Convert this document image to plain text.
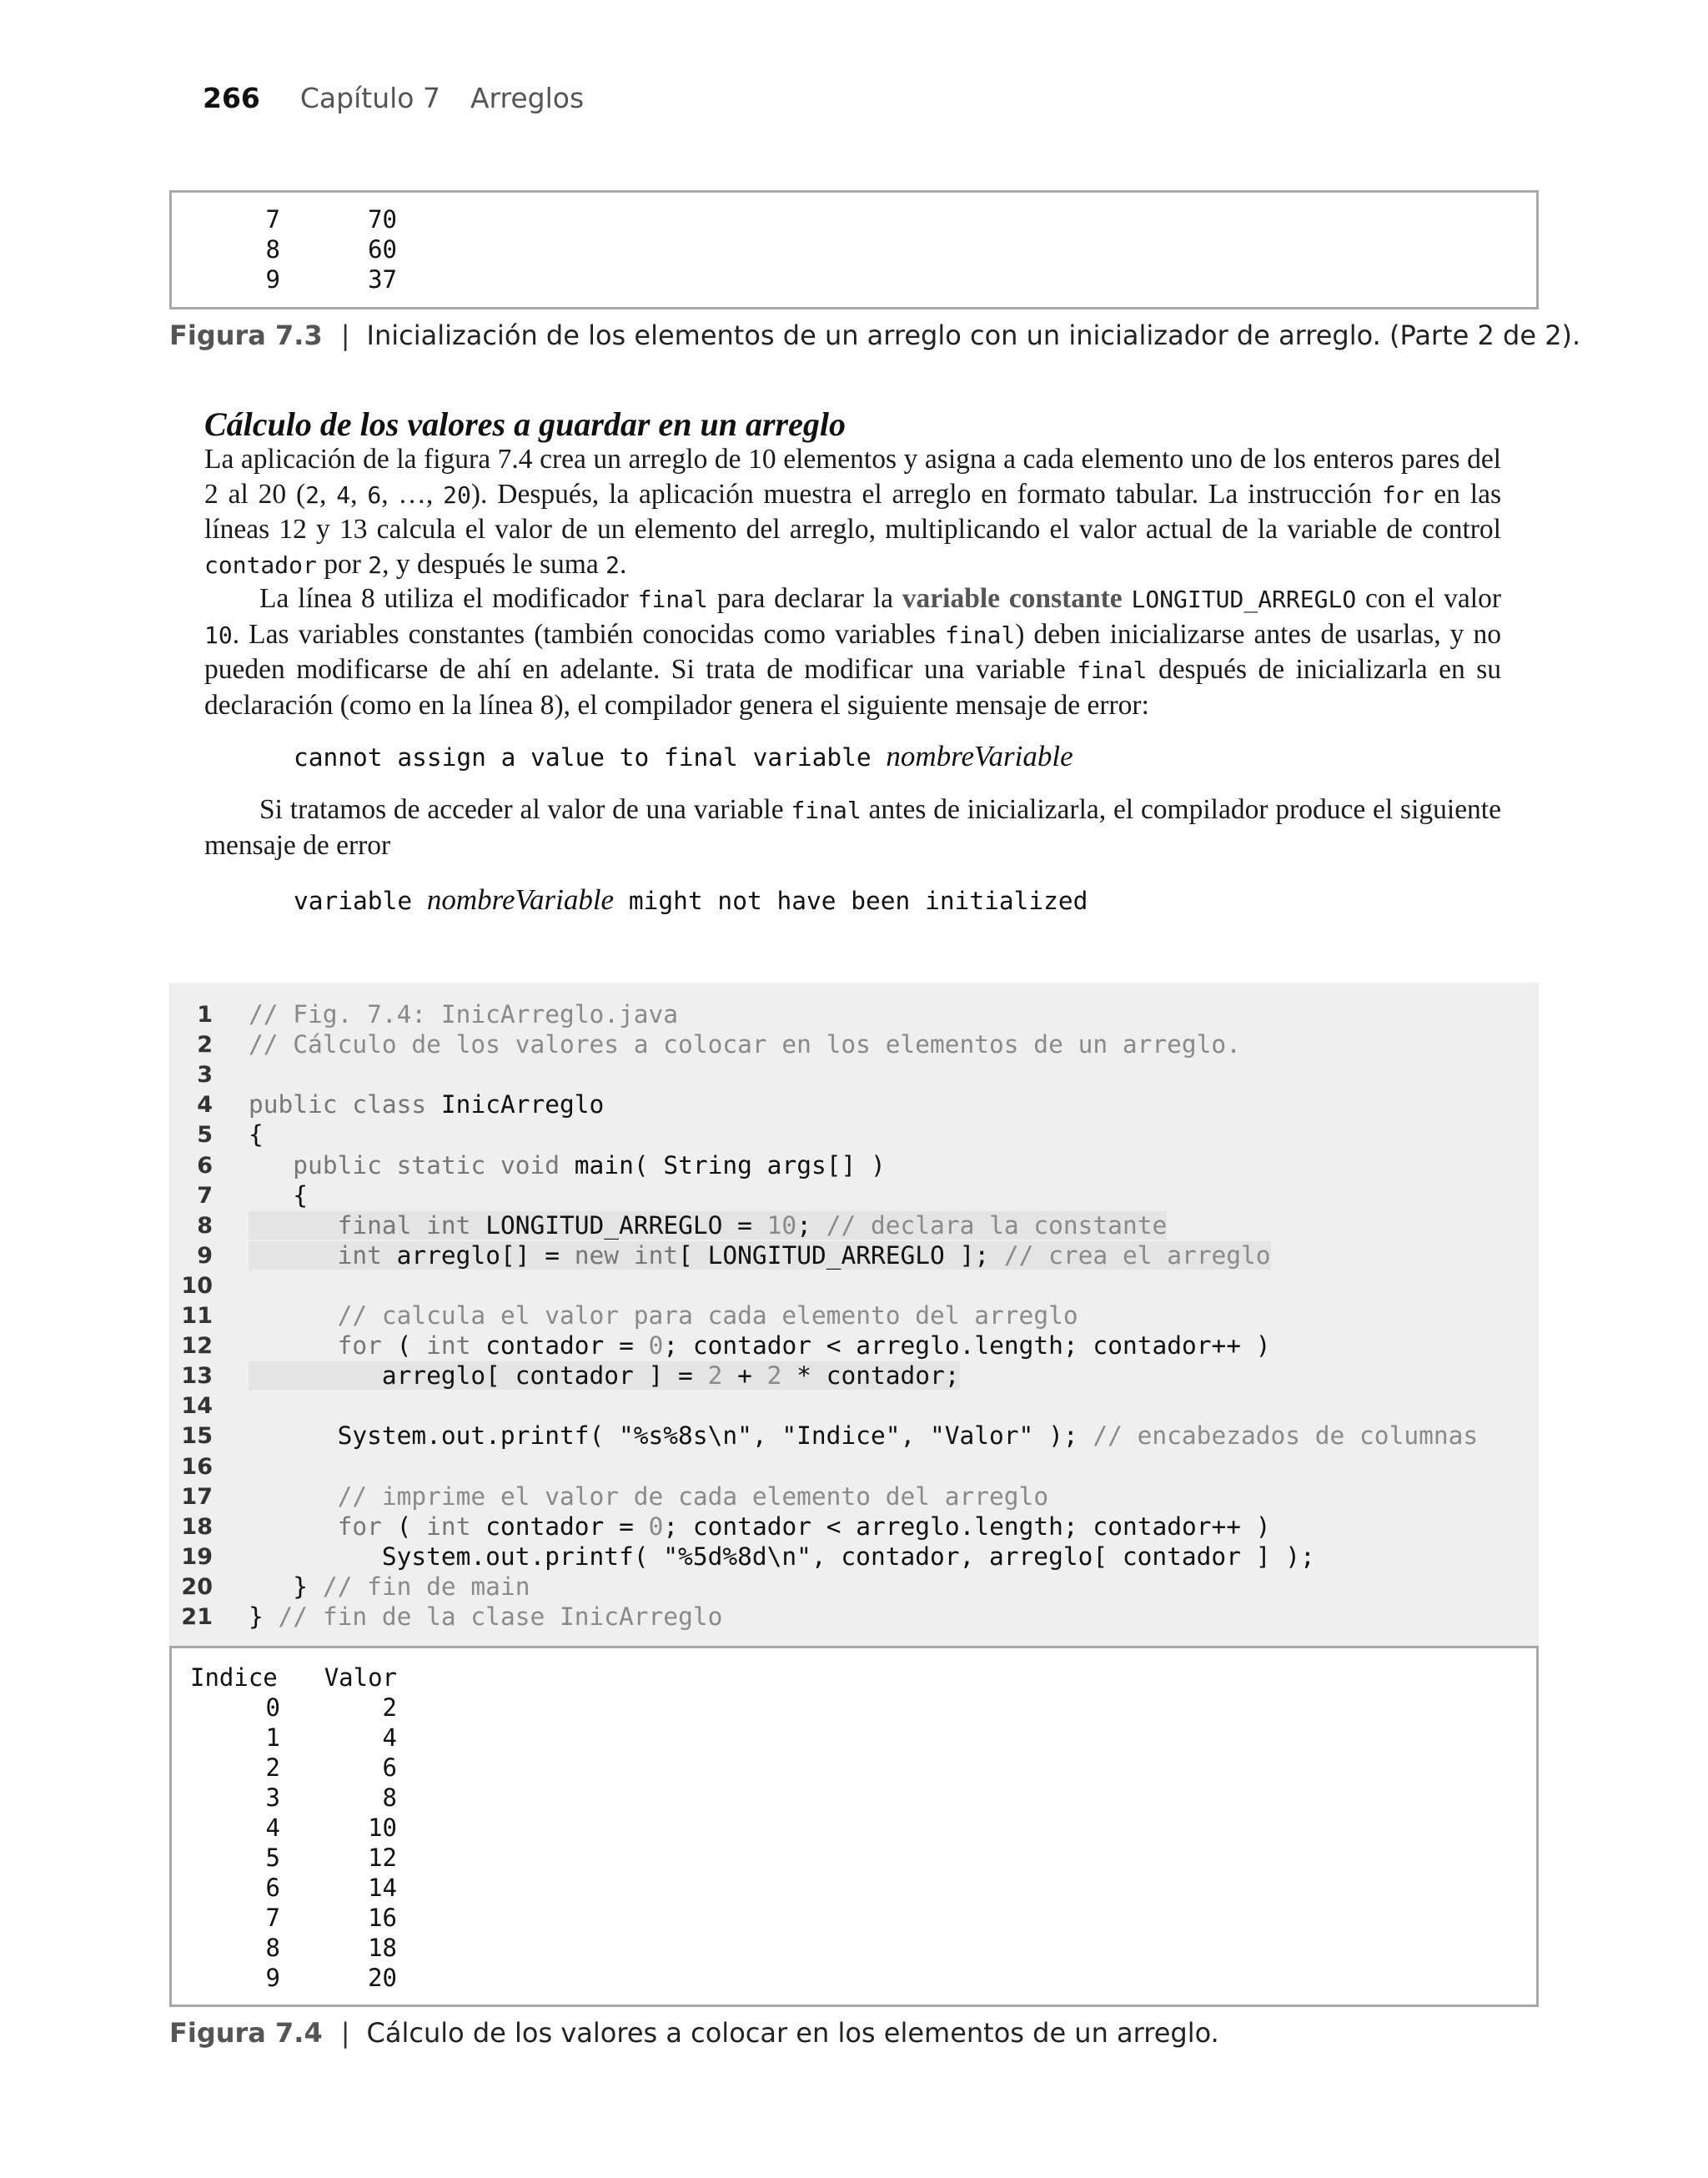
266 Capítulo 7 Arreglos
7	70
8	60
9	37
Figura 7.3 | Inicialización de los elementos de un arreglo con un inicializador de arreglo. (Parte 2 de 2).
Cálculo de los valores a guardar en un arreglo
La aplicación de la figura 7.4 crea un arreglo de 10 elementos y asigna a cada elemento uno de los enteros pares del 2 al 20 (2, 4, 6, …, 20). Después, la aplicación muestra el arreglo en formato tabular. La instrucción for en las líneas 12 y 13 calcula el valor de un elemento del arreglo, multiplicando el valor actual de la variable de control contador por 2, y después le suma 2.
La línea 8 utiliza el modificador final para declarar la variable constante LONGITUD_ARREGLO con el valor 10. Las variables constantes (también conocidas como variables final) deben inicializarse antes de usarlas, y no pueden modificarse de ahí en adelante. Si trata de modificar una variable final después de inicializarla en su declaración (como en la línea 8), el compilador genera el siguiente mensaje de error:
cannot assign a value to final variable nombreVariable
Si tratamos de acceder al valor de una variable final antes de inicializarla, el compilador produce el siguiente mensaje de error
variable nombreVariable might not have been initialized
1 // Fig. 7.4: InicArreglo.java
2 // Cálculo de los valores a colocar en los elementos de un arreglo.
3
4 public class InicArreglo
5 {
6	public static void main( String args[] )
7 {
8	final int LONGITUD_ARREGLO = 10; // declara la constante
9	int arreglo[] = new int[ LONGITUD_ARREGLO ]; // crea el arreglo
10
11	// calcula el valor para cada elemento del arreglo
12	for ( int contador = 0; contador < arreglo.length; contador++ )
13 arreglo[ contador ] = 2 + 2 * contador;
14
15 System.out.printf( "%s%8s\n", "Indice", "Valor" ); // encabezados de columnas
16
17	// imprime el valor de cada elemento del arreglo
18	for ( int contador = 0; contador < arreglo.length; contador++ )
19 System.out.printf( "%5d%8d\n", contador, arreglo[ contador ] );
20 } // fin de main
21 } // fin de la clase InicArreglo
Indice Valor
0	2
1	4
2	6
3	8
4	10
5	12
6	14
7	16
8	18
9	20
Figura 7.4 | Cálculo de los valores a colocar en los elementos de un arreglo.
